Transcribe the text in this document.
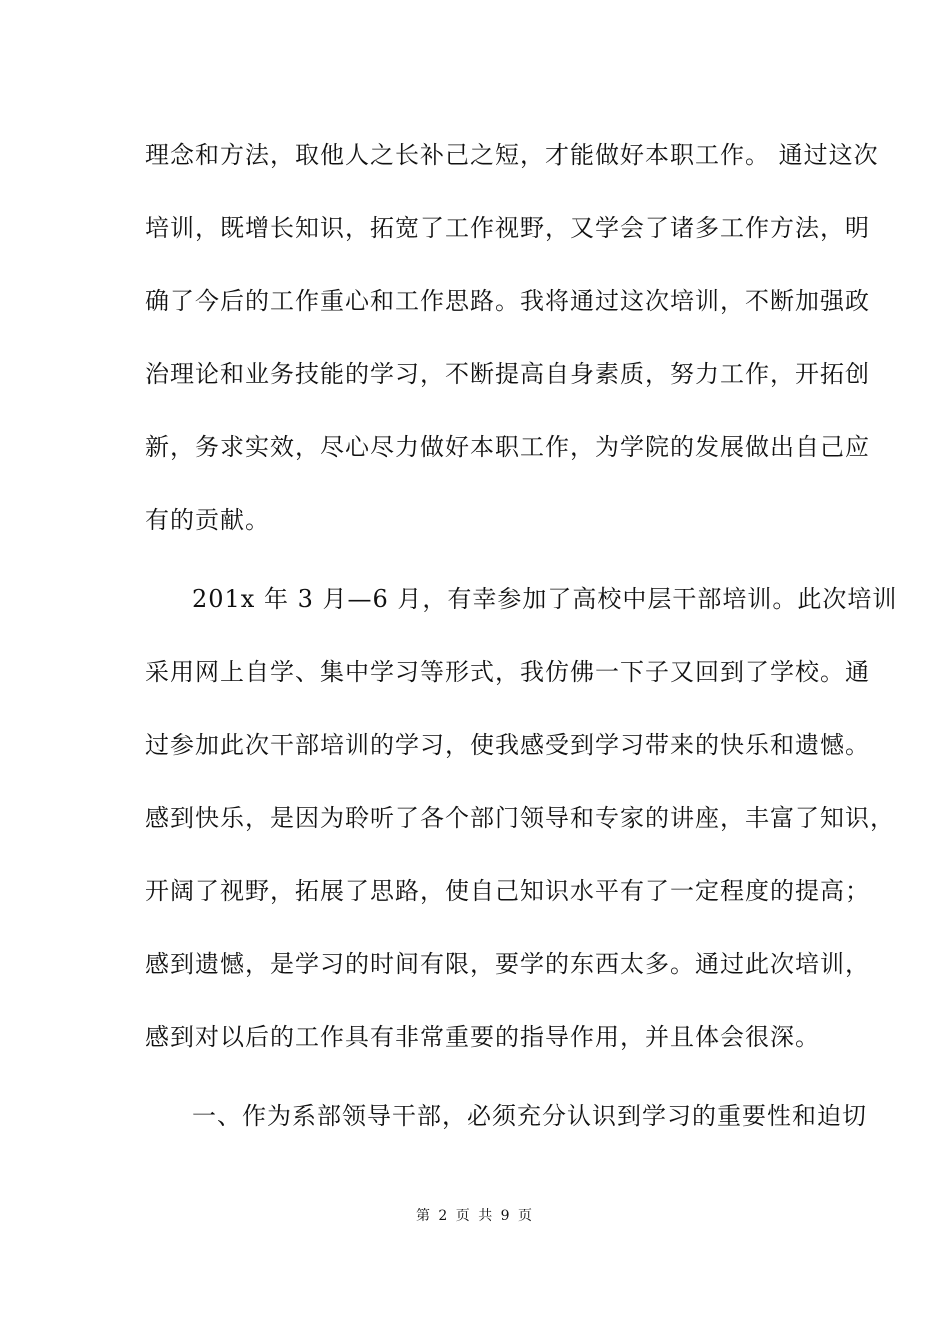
理念和方法，取他人之长补己之短，才能做好本职工作。 通过这次
培训，既增长知识，拓宽了工作视野，又学会了诸多工作方法，明
确了今后的工作重心和工作思路。我将通过这次培训，不断加强政
治理论和业务技能的学习，不断提高自身素质，努力工作，开拓创
新，务求实效，尽心尽力做好本职工作，为学院的发展做出自己应
有的贡献。
201x 年 3 月—6 月，有幸参加了高校中层干部培训。此次培训
采用网上自学、集中学习等形式，我仿佛一下子又回到了学校。通
过参加此次干部培训的学习，使我感受到学习带来的快乐和遗憾。
感到快乐，是因为聆听了各个部门领导和专家的讲座，丰富了知识，
开阔了视野，拓展了思路，使自己知识水平有了一定程度的提高；
感到遗憾，是学习的时间有限，要学的东西太多。通过此次培训，
感到对以后的工作具有非常重要的指导作用，并且体会很深。
一、作为系部领导干部，必须充分认识到学习的重要性和迫切
第 2 页 共 9 页
